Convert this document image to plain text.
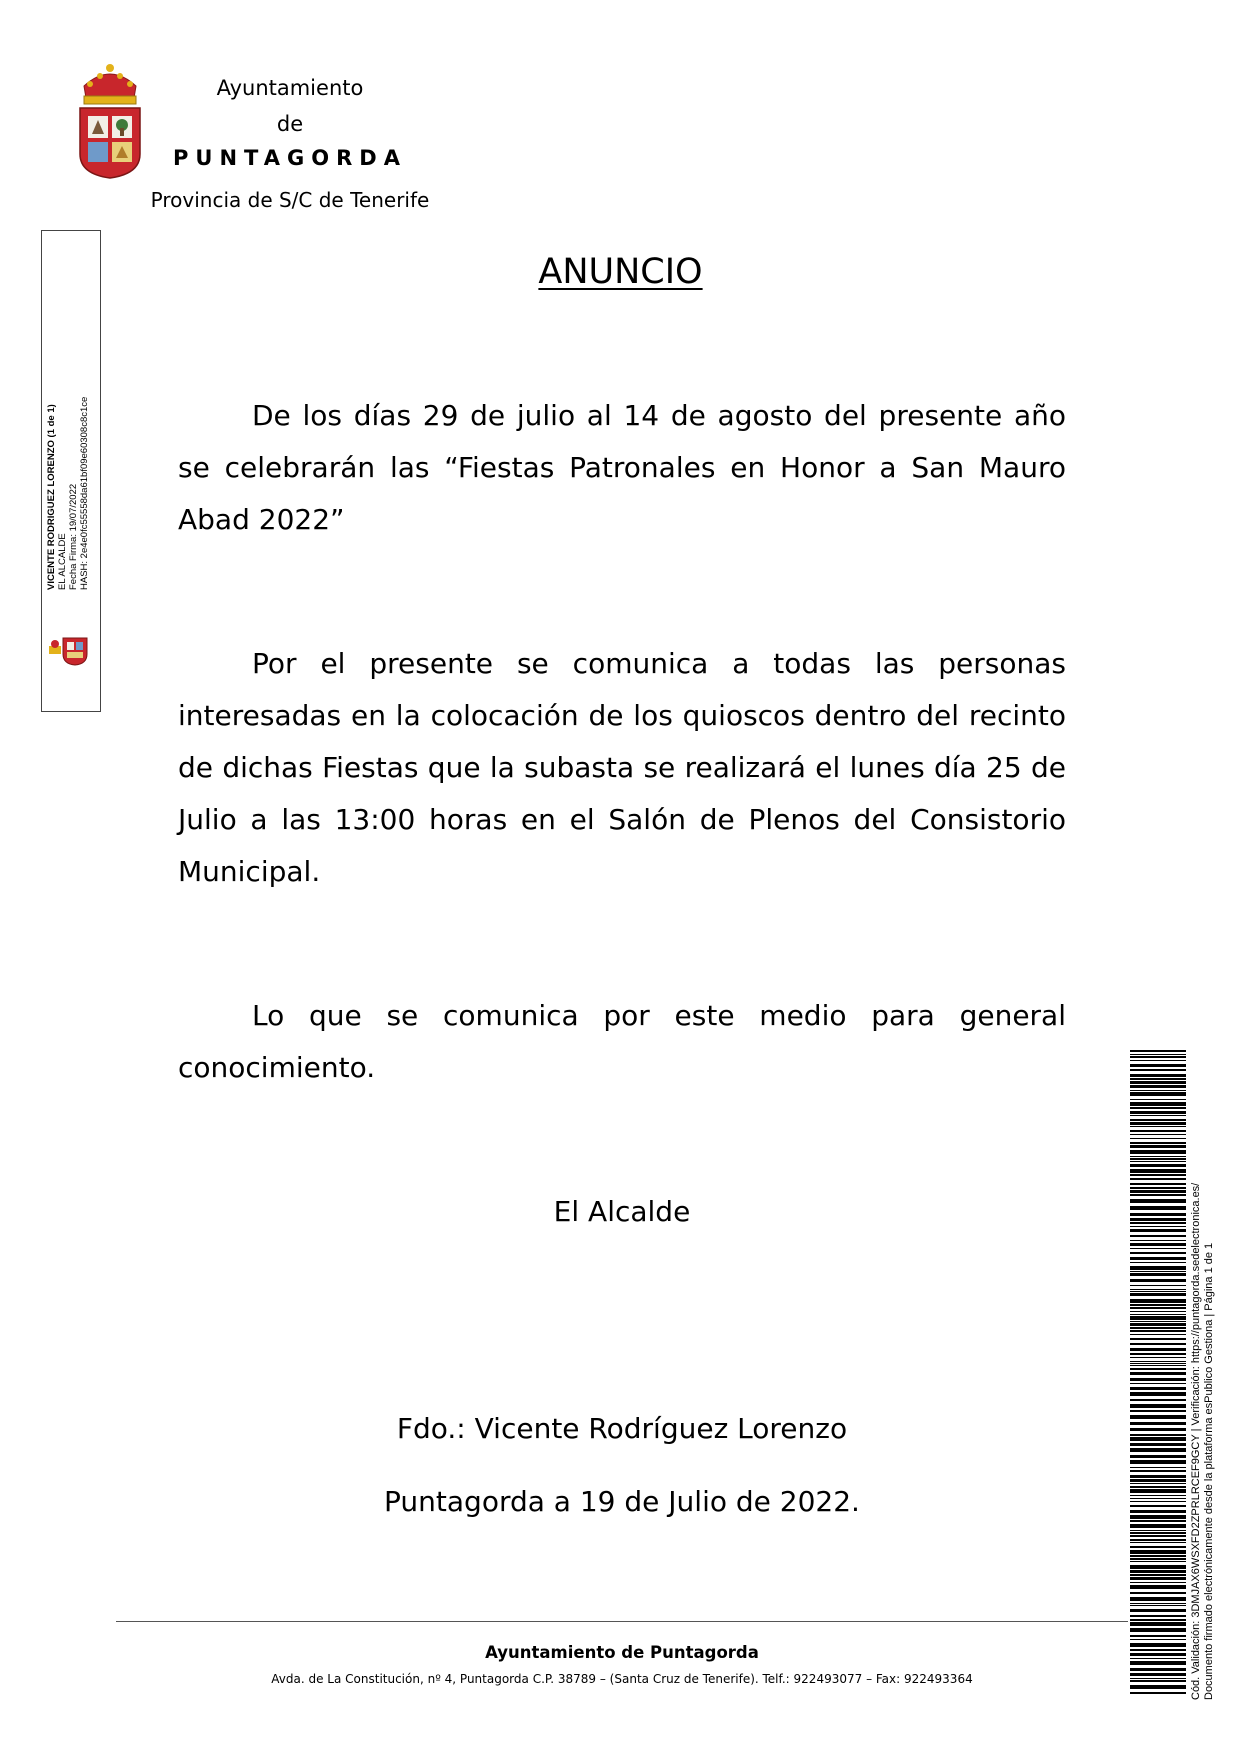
Ayuntamiento
de
PUNTAGORDA
Provincia de S/C de Tenerife
VICENTE RODRIGUEZ LORENZO (1 de 1) EL ALCALDE Fecha Firma: 19/07/2022 HASH: 2e4e0fc55558da61bf09e60308c8c1ce
ANUNCIO
De los días 29 de julio al 14 de agosto del presente año se celebrarán las “Fiestas Patronales en Honor a San Mauro Abad 2022”
Por el presente se comunica a todas las personas interesadas en la colocación de los quioscos dentro del recinto de dichas Fiestas que la subasta se realizará el lunes día 25 de Julio a las 13:00 horas en el Salón de Plenos del Consistorio Municipal.
Lo que se comunica por este medio para general conocimiento.
El Alcalde
Fdo.: Vicente Rodríguez Lorenzo
Puntagorda a 19 de Julio de 2022.
Ayuntamiento de Puntagorda
Avda. de La Constitución, nº 4, Puntagorda C.P. 38789 – (Santa Cruz de Tenerife). Telf.: 922493077 – Fax: 922493364	Cód. Validación: 3DMJAX6WSXFD2ZPRLRCEF9GCY | Verificación: https://puntagorda.sedelectronica.es/ Documento firmado electrónicamente desde la plataforma esPublico Gestiona | Página 1 de 1
